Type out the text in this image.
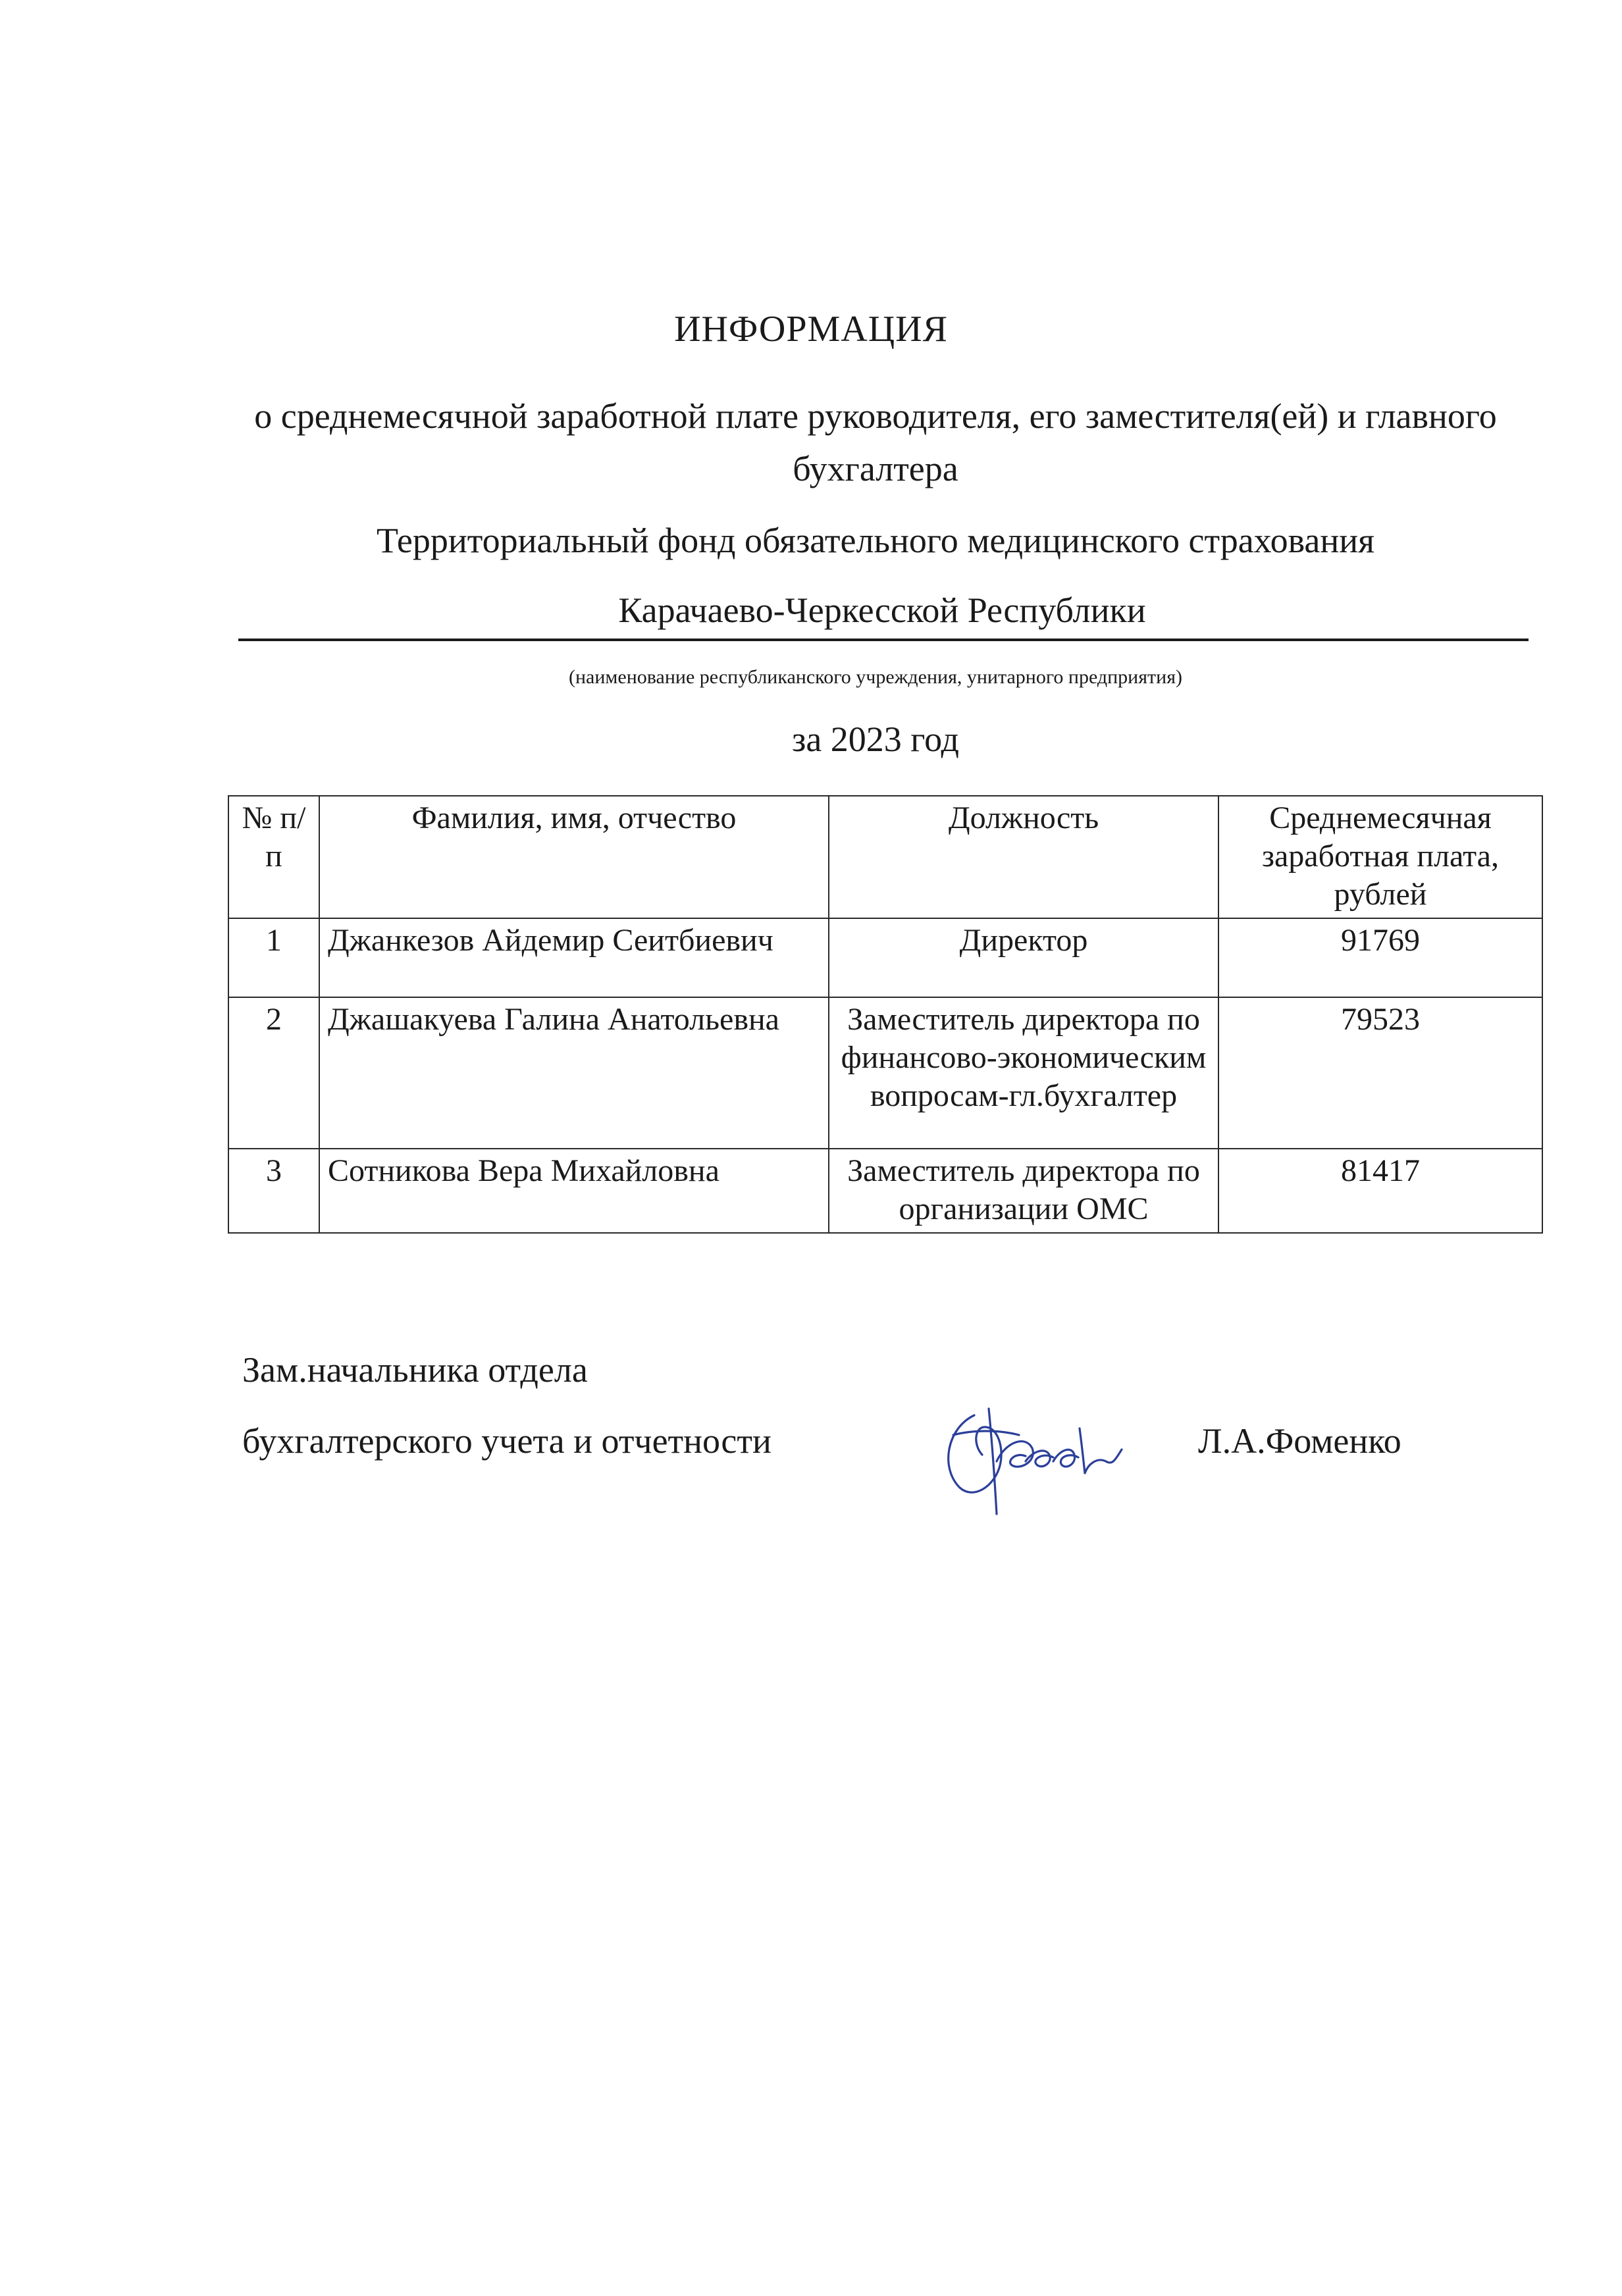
ИНФОРМАЦИЯ
о среднемесячной заработной плате руководителя, его заместителя(ей) и главного бухгалтера
Территориальный фонд обязательного медицинского страхования
Карачаево-Черкесской Республики
(наименование республиканского учреждения, унитарного предприятия)
за 2023 год
№ п/п	Фамилия, имя, отчество	Должность	Среднемесячная заработная плата, рублей
1	Джанкезов Айдемир Сеитбиевич	Директор	91769
2	Джашакуева Галина Анатольевна	Заместитель директора по финансово-экономическим вопросам-гл.бухгалтер	79523
3	Сотникова Вера Михайловна	Заместитель директора по организации ОМС	81417
Зам.начальника отдела
бухгалтерского учета и отчетности	Л.А.Фоменко
